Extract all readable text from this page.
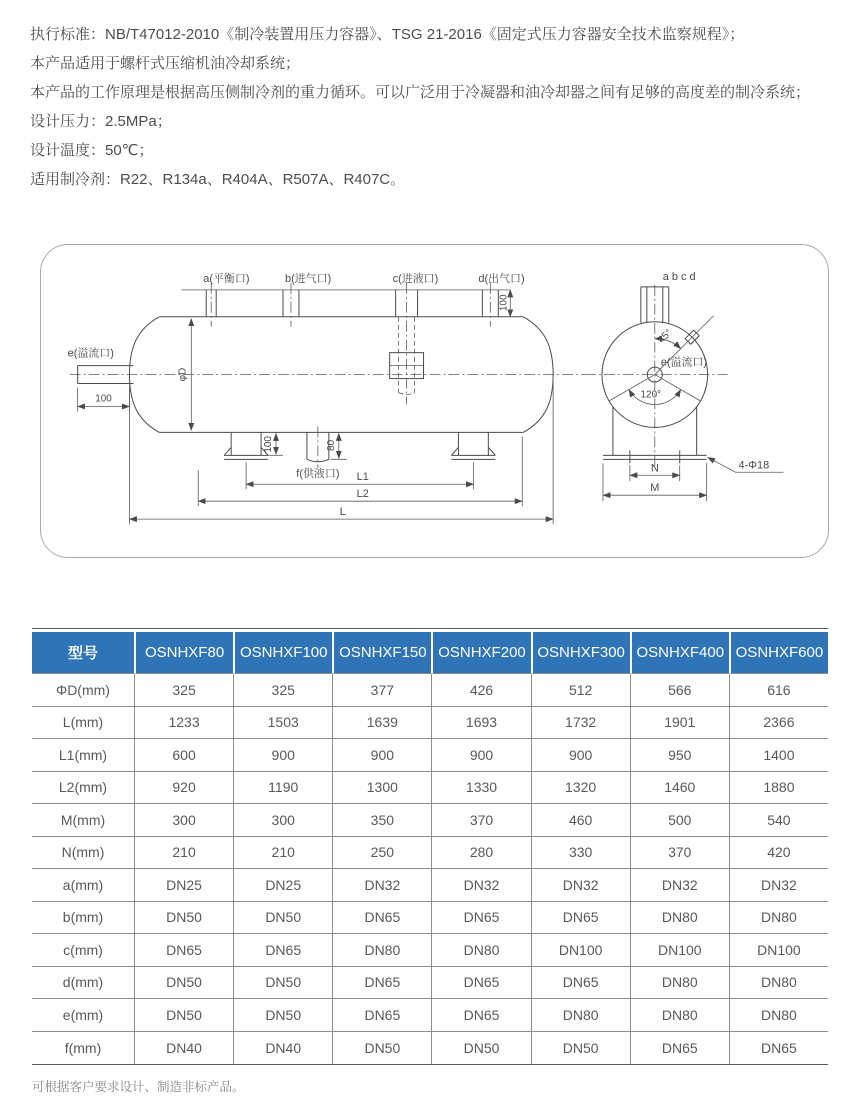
执行标准：NB/T47012-2010《制冷装置用压力容器》、TSG 21-2016《固定式压力容器安全技术监察规程》；

本产品适用于螺杆式压缩机油冷却系统；

本产品的工作原理是根据高压侧制冷剂的重力循环。可以广泛用于冷凝器和油冷却器之间有足够的高度差的制冷系统；

设计压力：2.5MPa；

设计温度：50℃；

适用制冷剂：R22、R134a、R404A、R507A、R407C。

a(平衡口)	b(进气口)	c(进液口)	d(出气口)
100
φD
e(溢流口)
100
100
f(供液口)
80
L1
L2
L
a b c d
45°
e(溢流口)
120°
N
M
4-Φ18
型号	OSNHXF80	OSNHXF100 OSNHXF150 OSNHXF200 OSNHXF300 OSNHXF400 OSNHXF600
ΦD(mm)	325	325	377	426	512	566	616
L(mm)	1233	1503	1639	1693	1732	1901	2366
L1(mm)	600	900	900	900	900	950	1400
L2(mm)	920	1190	1300	1330	1320	1460	1880
M(mm)	300	300	350	370	460	500	540
N(mm)	210	210	250	280	330	370	420
a(mm)	DN25	DN25	DN32	DN32	DN32	DN32	DN32
b(mm)	DN50	DN50	DN65	DN65	DN65	DN80	DN80
c(mm)	DN65	DN65	DN80	DN80	DN100	DN100	DN100
d(mm)	DN50	DN50	DN65	DN65	DN65	DN80	DN80
e(mm)	DN50	DN50	DN65	DN65	DN80	DN80	DN80
f(mm)	DN40	DN40	DN50	DN50	DN50	DN65	DN65
可根据客户要求设计、制造非标产品。
